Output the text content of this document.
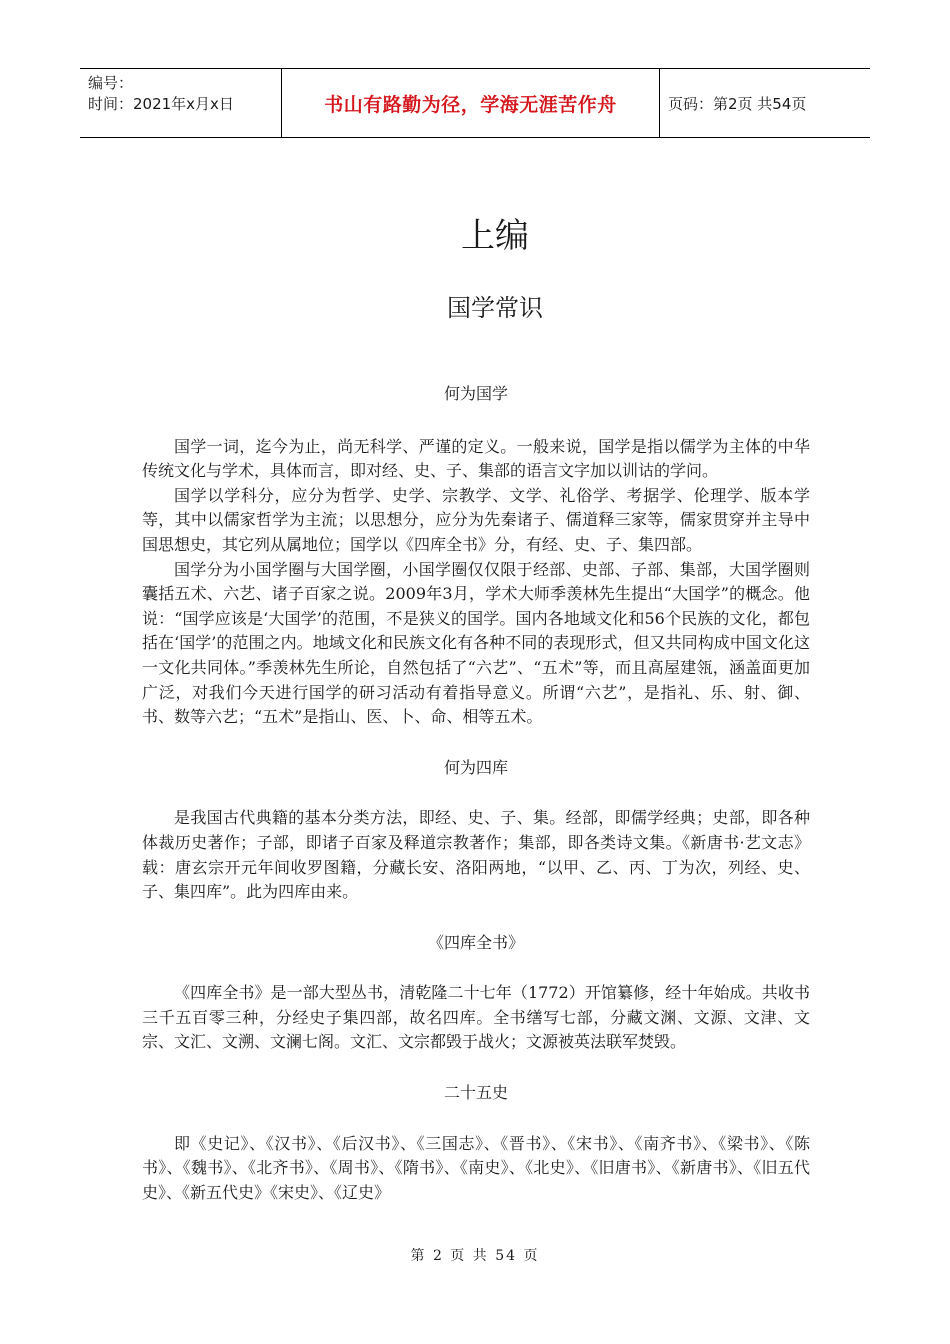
编号：
时间：2021年x月x日	书山有路勤为径，学海无涯苦作舟	页码：第2页 共54页
上编
国学常识

何为国学

国学一词，迄今为止，尚无科学、严谨的定义。一般来说，国学是指以儒学为主体的中华传统文化与学术，具体而言，即对经、史、子、集部的语言文字加以训诂的学问。

国学以学科分，应分为哲学、史学、宗教学、文学、礼俗学、考据学、伦理学、版本学等，其中以儒家哲学为主流；以思想分，应分为先秦诸子、儒道释三家等，儒家贯穿并主导中国思想史，其它列从属地位；国学以《四库全书》分，有经、史、子、集四部。

国学分为小国学圈与大国学圈，小国学圈仅仅限于经部、史部、子部、集部，大国学圈则囊括五术、六艺、诸子百家之说。2009年3月，学术大师季羡林先生提出“大国学”的概念。他说：“国学应该是‘大国学’的范围，不是狭义的国学。国内各地域文化和56个民族的文化，都包括在‘国学’的范围之内。地域文化和民族文化有各种不同的表现形式，但又共同构成中国文化这一文化共同体。”季羡林先生所论，自然包括了“六艺”、“五术”等，而且高屋建瓴，涵盖面更加广泛，对我们今天进行国学的研习活动有着指导意义。所谓“六艺”，是指礼、乐、射、御、书、数等六艺；“五术”是指山、医、卜、命、相等五术。

何为四库

是我国古代典籍的基本分类方法，即经、史、子、集。经部，即儒学经典；史部，即各种体裁历史著作；子部，即诸子百家及释道宗教著作；集部，即各类诗文集。《新唐书·艺文志》载：唐玄宗开元年间收罗图籍，分藏长安、洛阳两地，“以甲、乙、丙、丁为次，列经、史、子、集四库”。此为四库由来。

《四库全书》

《四库全书》是一部大型丛书，清乾隆二十七年（1772）开馆纂修，经十年始成。共收书三千五百零三种，分经史子集四部，故名四库。全书缮写七部，分藏文渊、文源、文津、文宗、文汇、文溯、文澜七阁。文汇、文宗都毁于战火；文源被英法联军焚毁。

二十五史

即《史记》、《汉书》、《后汉书》、《三国志》、《晋书》、《宋书》、《南齐书》、《梁书》、《陈书》、《魏书》、《北齐书》、《周书》、《隋书》、《南史》、《北史》、《旧唐书》、《新唐书》、《旧五代史》、《新五代史》《宋史》、《辽史》

第 2 页 共 54 页
